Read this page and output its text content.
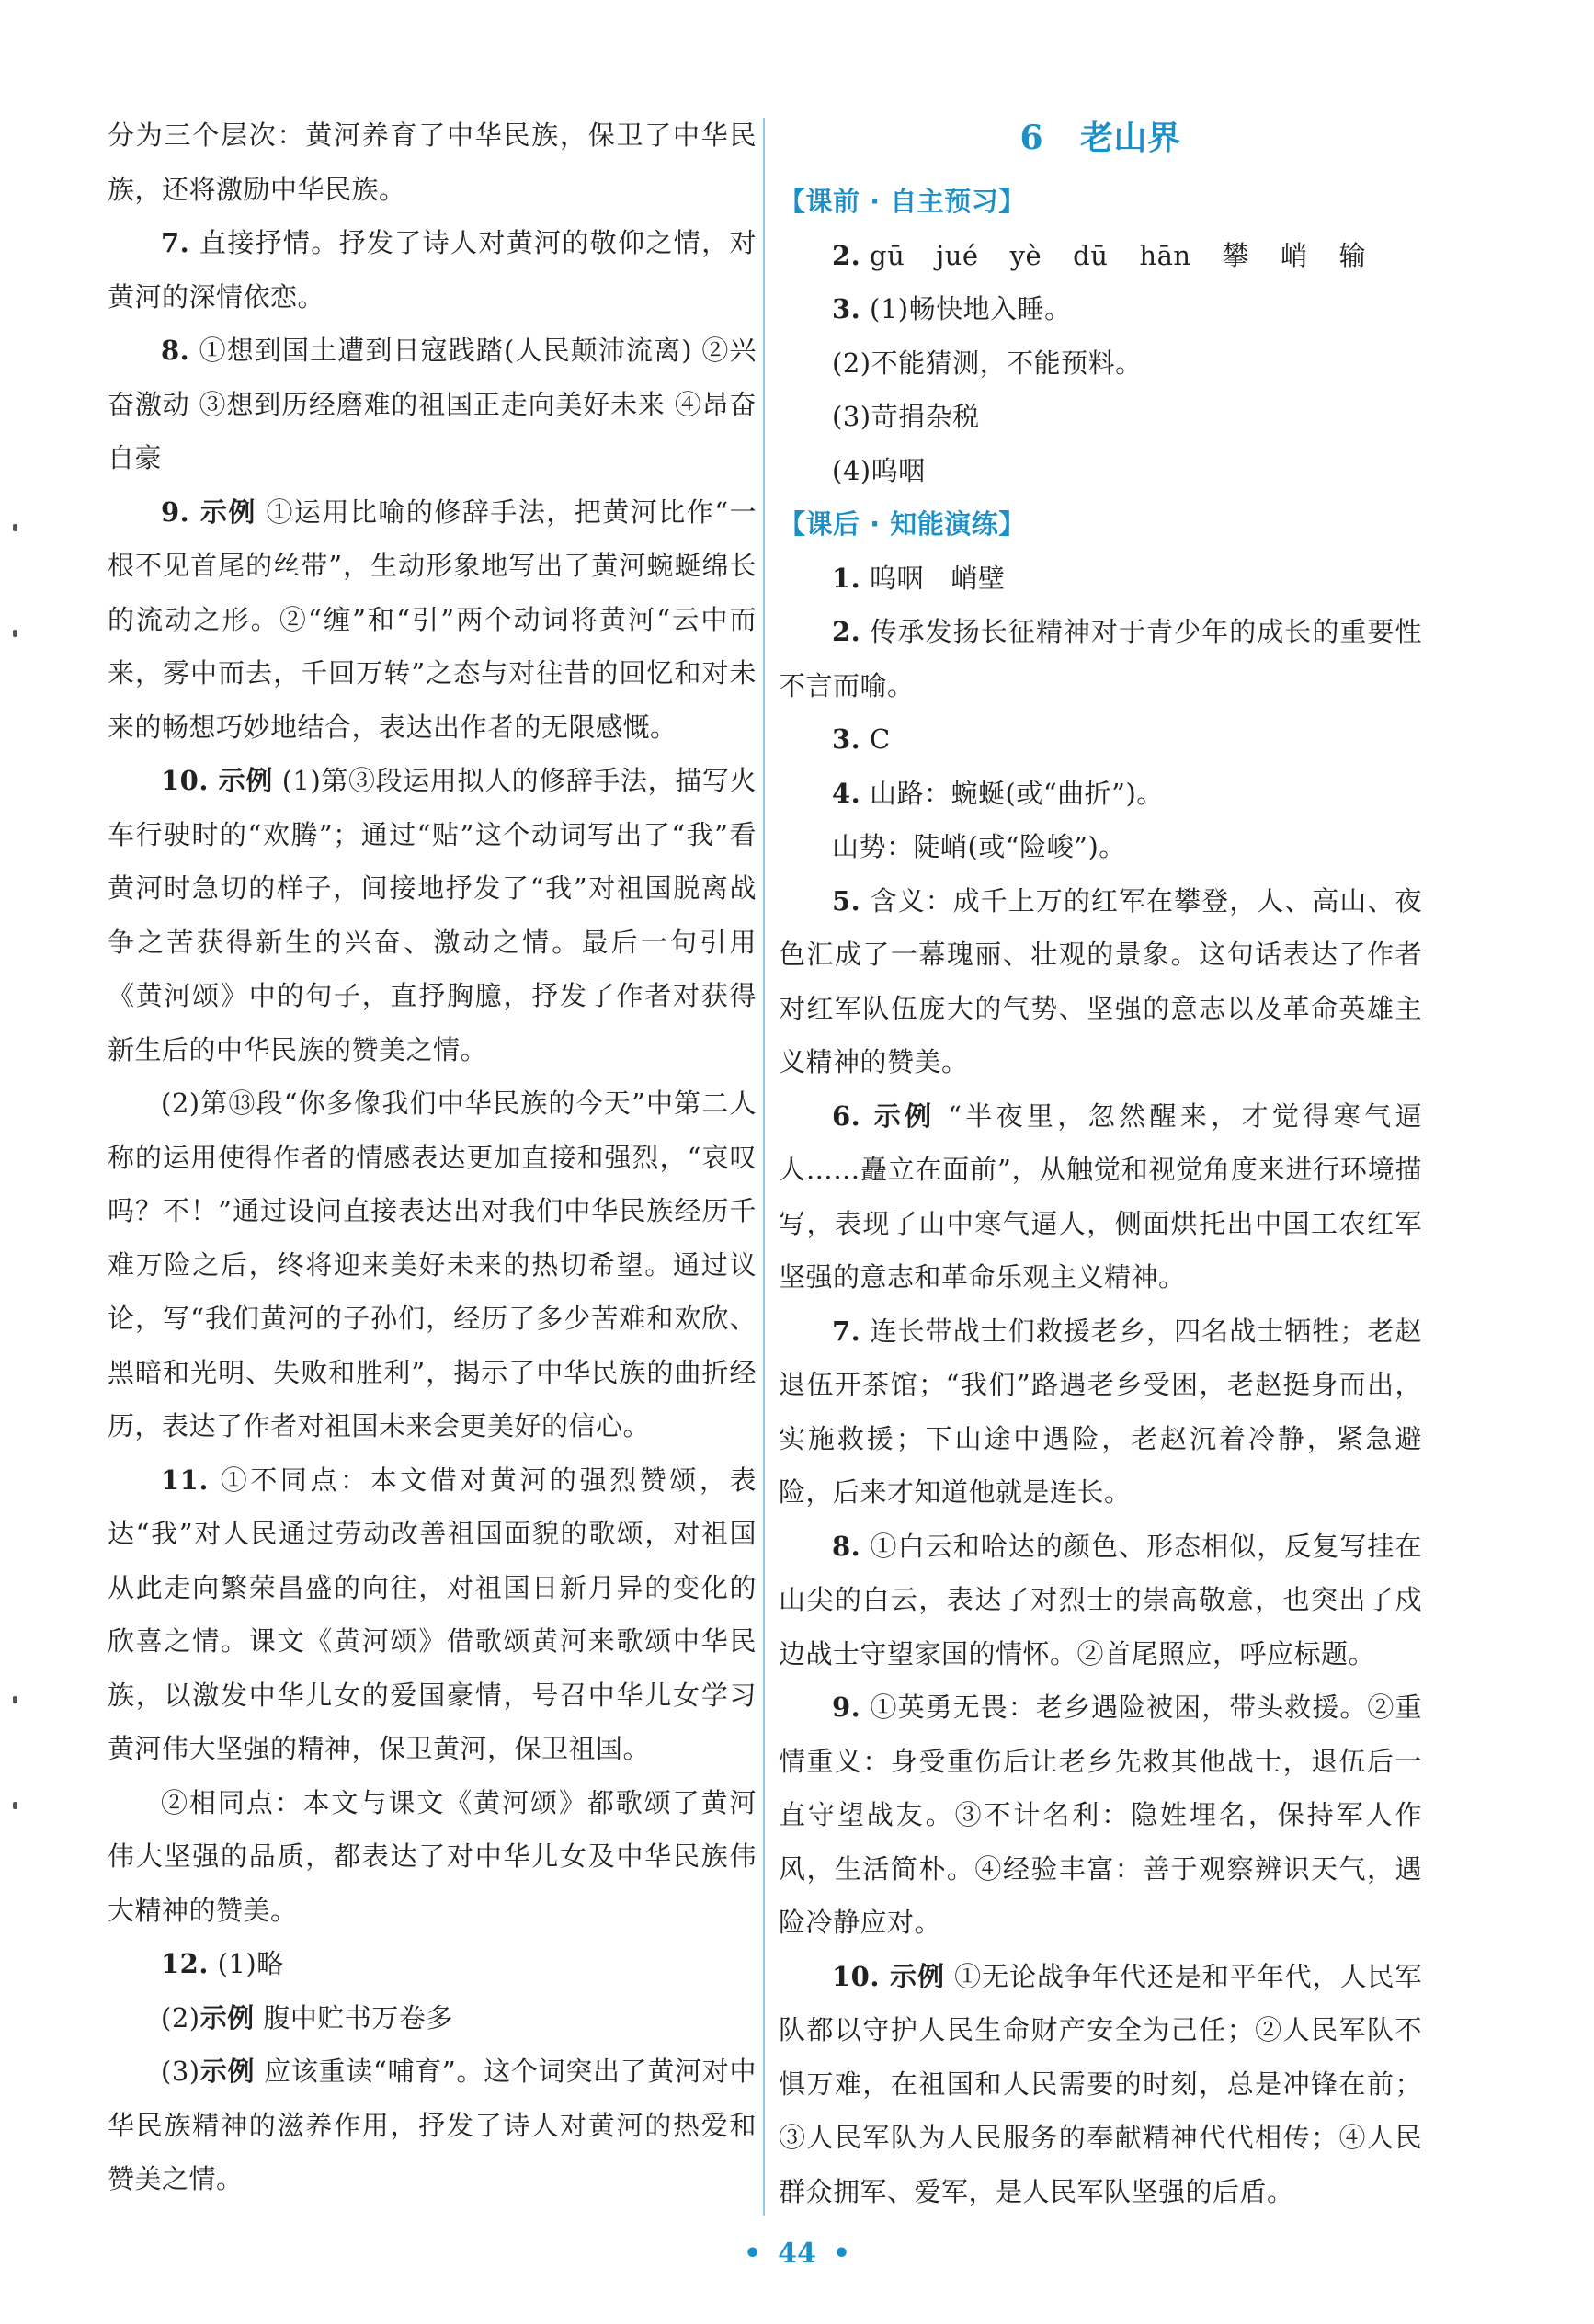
分为三个层次：黄河养育了中华民族，保卫了中华民族，还将激励中华民族。

7. 直接抒情。抒发了诗人对黄河的敬仰之情，对黄河的深情依恋。

8. ①想到国土遭到日寇践踏(人民颠沛流离) ②兴奋激动 ③想到历经磨难的祖国正走向美好未来 ④昂奋自豪

9. 示例 ①运用比喻的修辞手法，把黄河比作“一根不见首尾的丝带”，生动形象地写出了黄河蜿蜒绵长的流动之形。②“缠”和“引”两个动词将黄河“云中而来，雾中而去，千回万转”之态与对往昔的回忆和对未来的畅想巧妙地结合，表达出作者的无限感慨。

10. 示例 (1)第③段运用拟人的修辞手法，描写火车行驶时的“欢腾”；通过“贴”这个动词写出了“我”看黄河时急切的样子，间接地抒发了“我”对祖国脱离战争之苦获得新生的兴奋、激动之情。最后一句引用《黄河颂》中的句子，直抒胸臆，抒发了作者对获得新生后的中华民族的赞美之情。

(2)第⑬段“你多像我们中华民族的今天”中第二人称的运用使得作者的情感表达更加直接和强烈，“哀叹吗？不！”通过设问直接表达出对我们中华民族经历千难万险之后，终将迎来美好未来的热切希望。通过议论，写“我们黄河的子孙们，经历了多少苦难和欢欣、黑暗和光明、失败和胜利”，揭示了中华民族的曲折经历，表达了作者对祖国未来会更美好的信心。

11. ①不同点：本文借对黄河的强烈赞颂，表达“我”对人民通过劳动改善祖国面貌的歌颂，对祖国从此走向繁荣昌盛的向往，对祖国日新月异的变化的欣喜之情。课文《黄河颂》借歌颂黄河来歌颂中华民族，以激发中华儿女的爱国豪情，号召中华儿女学习黄河伟大坚强的精神，保卫黄河，保卫祖国。

②相同点：本文与课文《黄河颂》都歌颂了黄河伟大坚强的品质，都表达了对中华儿女及中华民族伟大精神的赞美。

12. (1)略

(2)示例 腹中贮书万卷多

(3)示例 应该重读“哺育”。这个词突出了黄河对中华民族精神的滋养作用，抒发了诗人对黄河的热爱和赞美之情。

6 老山界
【课前 · 自主预习】

2. gū jué yè dū hān 攀 峭 输

3. (1)畅快地入睡。

(2)不能猜测，不能预料。

(3)苛捐杂税

(4)呜咽

【课后 · 知能演练】

1. 呜咽　峭壁

2. 传承发扬长征精神对于青少年的成长的重要性不言而喻。

3. C

4. 山路：蜿蜒(或“曲折”)。

山势：陡峭(或“险峻”)。

5. 含义：成千上万的红军在攀登，人、高山、夜色汇成了一幕瑰丽、壮观的景象。这句话表达了作者对红军队伍庞大的气势、坚强的意志以及革命英雄主义精神的赞美。

6. 示例 “半夜里，忽然醒来，才觉得寒气逼人……矗立在面前”，从触觉和视觉角度来进行环境描写，表现了山中寒气逼人，侧面烘托出中国工农红军坚强的意志和革命乐观主义精神。

7. 连长带战士们救援老乡，四名战士牺牲；老赵退伍开茶馆；“我们”路遇老乡受困，老赵挺身而出，实施救援；下山途中遇险，老赵沉着冷静，紧急避险，后来才知道他就是连长。

8. ①白云和哈达的颜色、形态相似，反复写挂在山尖的白云，表达了对烈士的崇高敬意，也突出了戍边战士守望家国的情怀。②首尾照应，呼应标题。

9. ①英勇无畏：老乡遇险被困，带头救援。②重情重义：身受重伤后让老乡先救其他战士，退伍后一直守望战友。③不计名利：隐姓埋名，保持军人作风，生活简朴。④经验丰富：善于观察辨识天气，遇险冷静应对。

10. 示例 ①无论战争年代还是和平年代，人民军队都以守护人民生命财产安全为己任；②人民军队不惧万难，在祖国和人民需要的时刻，总是冲锋在前；③人民军队为人民服务的奉献精神代代相传；④人民群众拥军、爱军，是人民军队坚强的后盾。

• 44 •
